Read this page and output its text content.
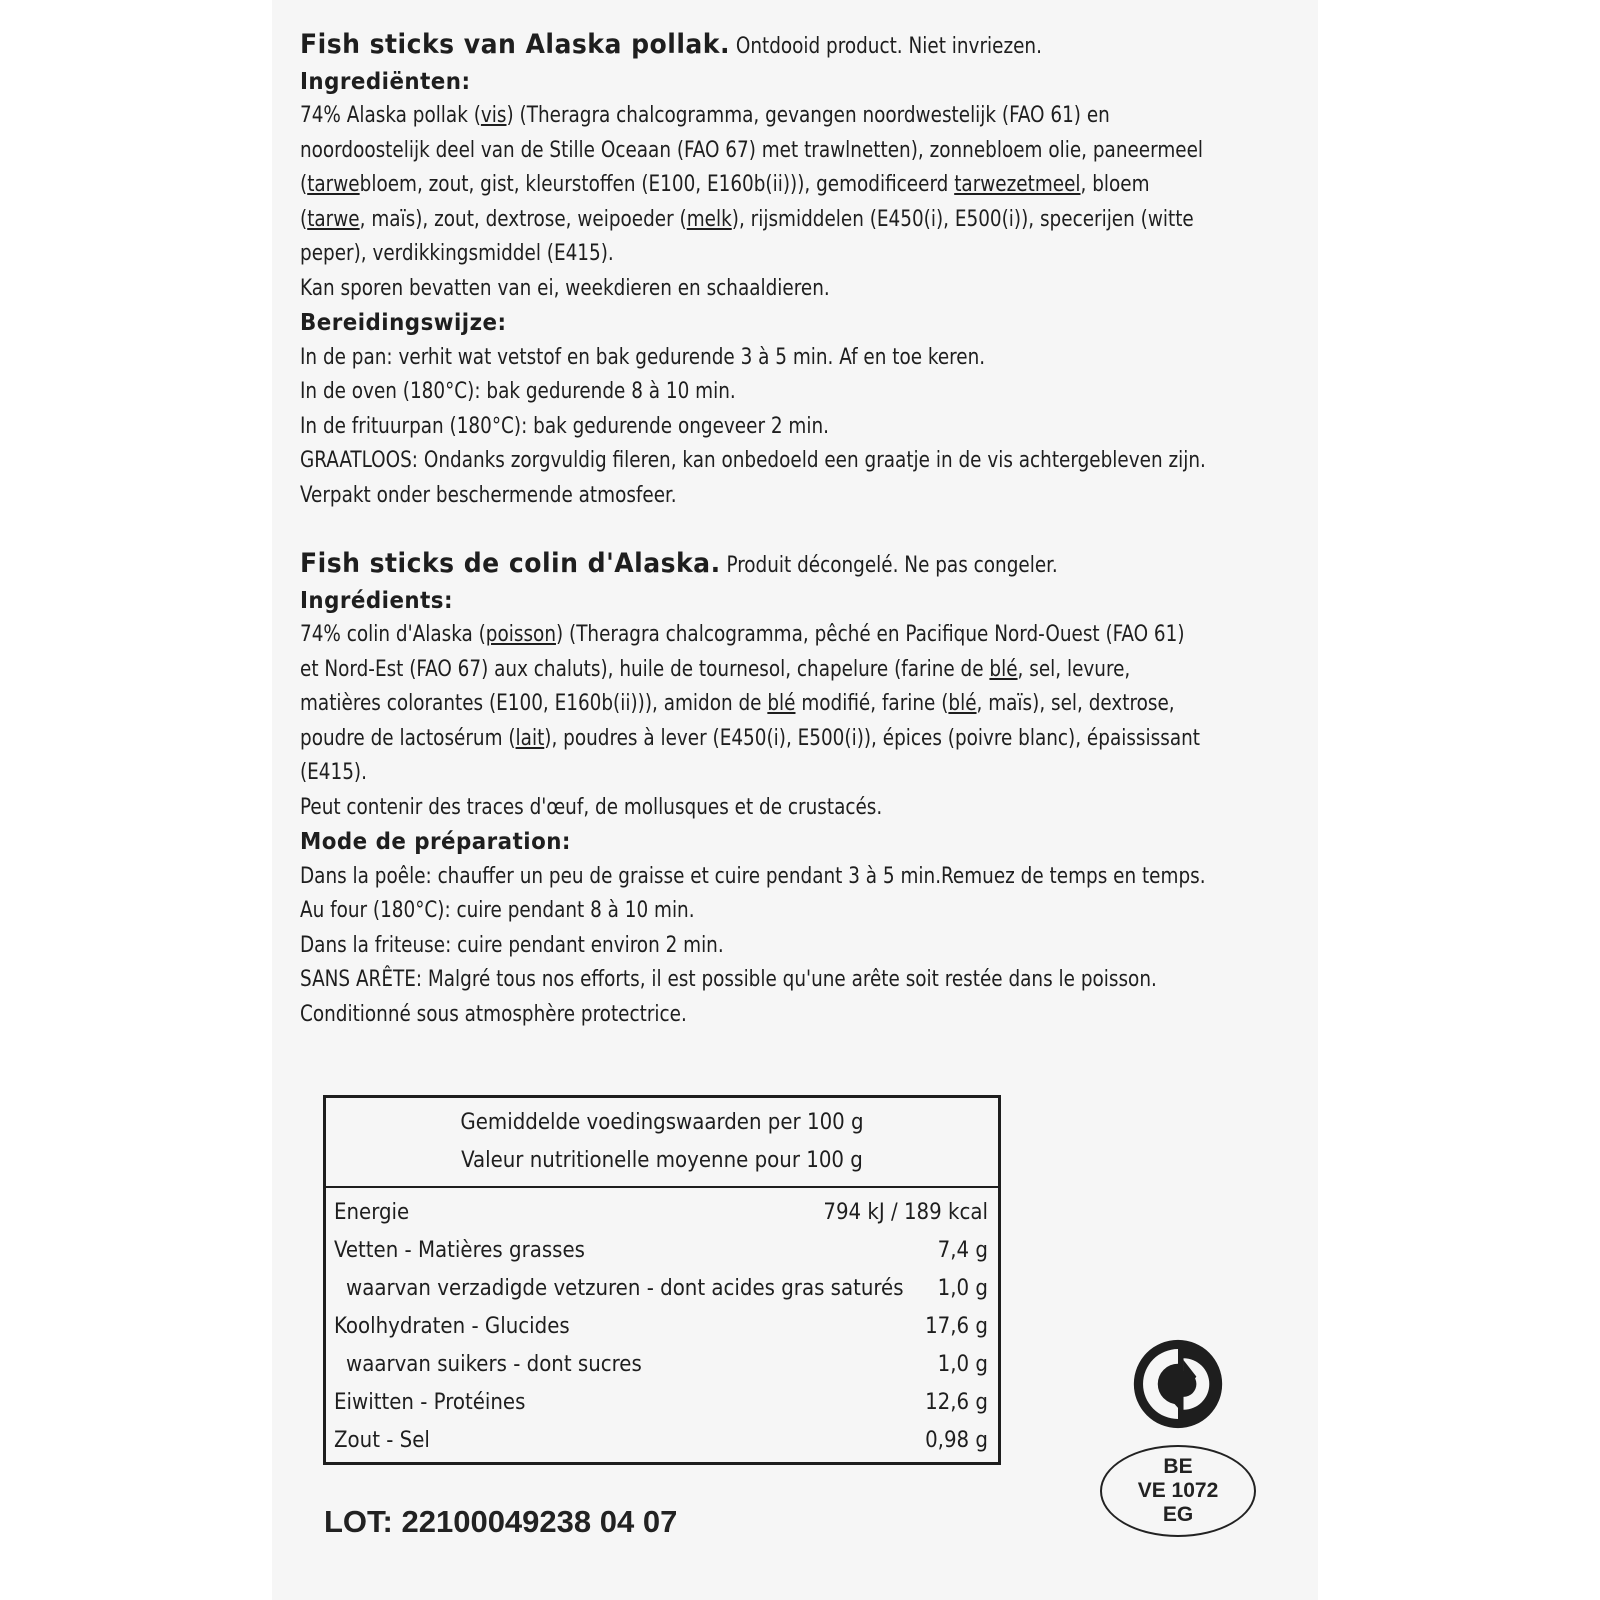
Fish sticks van Alaska pollak. Ontdooid product. Niet invriezen.

Ingrediënten:

74% Alaska pollak (vis) (Theragra chalcogramma, gevangen noordwestelijk (FAO 61) en

noordoostelijk deel van de Stille Oceaan (FAO 67) met trawlnetten), zonnebloem olie, paneermeel

(tarwebloem, zout, gist, kleurstoffen (E100, E160b(ii))), gemodificeerd tarwezetmeel, bloem

(tarwe, maïs), zout, dextrose, weipoeder (melk), rijsmiddelen (E450(i), E500(i)), specerijen (witte

peper), verdikkingsmiddel (E415).

Kan sporen bevatten van ei, weekdieren en schaaldieren.

Bereidingswijze:

In de pan: verhit wat vetstof en bak gedurende 3 à 5 min. Af en toe keren.

In de oven (180°C): bak gedurende 8 à 10 min.

In de frituurpan (180°C): bak gedurende ongeveer 2 min.

GRAATLOOS: Ondanks zorgvuldig fileren, kan onbedoeld een graatje in de vis achtergebleven zijn.

Verpakt onder beschermende atmosfeer.

Fish sticks de colin d'Alaska. Produit décongelé. Ne pas congeler.

Ingrédients:

74% colin d'Alaska (poisson) (Theragra chalcogramma, pêché en Pacifique Nord-Ouest (FAO 61)

et Nord-Est (FAO 67) aux chaluts), huile de tournesol, chapelure (farine de blé, sel, levure,

matières colorantes (E100, E160b(ii))), amidon de blé modifié, farine (blé, maïs), sel, dextrose,

poudre de lactosérum (lait), poudres à lever (E450(i), E500(i)), épices (poivre blanc), épaississant

(E415).

Peut contenir des traces d'œuf, de mollusques et de crustacés.

Mode de préparation:

Dans la poêle: chauffer un peu de graisse et cuire pendant 3 à 5 min.Remuez de temps en temps.

Au four (180°C): cuire pendant 8 à 10 min.

Dans la friteuse: cuire pendant environ 2 min.

SANS ARÊTE: Malgré tous nos efforts, il est possible qu'une arête soit restée dans le poisson.

Conditionné sous atmosphère protectrice.

Gemiddelde voedingswaarden per 100 g
Valeur nutritionelle moyenne pour 100 g
Energie	794 kJ / 189 kcal
Vetten - Matières grasses	7,4 g
waarvan verzadigde vetzuren - dont acides gras saturés 1,0 g
Koolhydraten - Glucides	17,6 g
waarvan suikers - dont sucres	1,0 g
Eiwitten - Protéines	12,6 g
Zout - Sel	0,98 g
BE
VE 1072
EG
LOT: 22100049238 04 07
